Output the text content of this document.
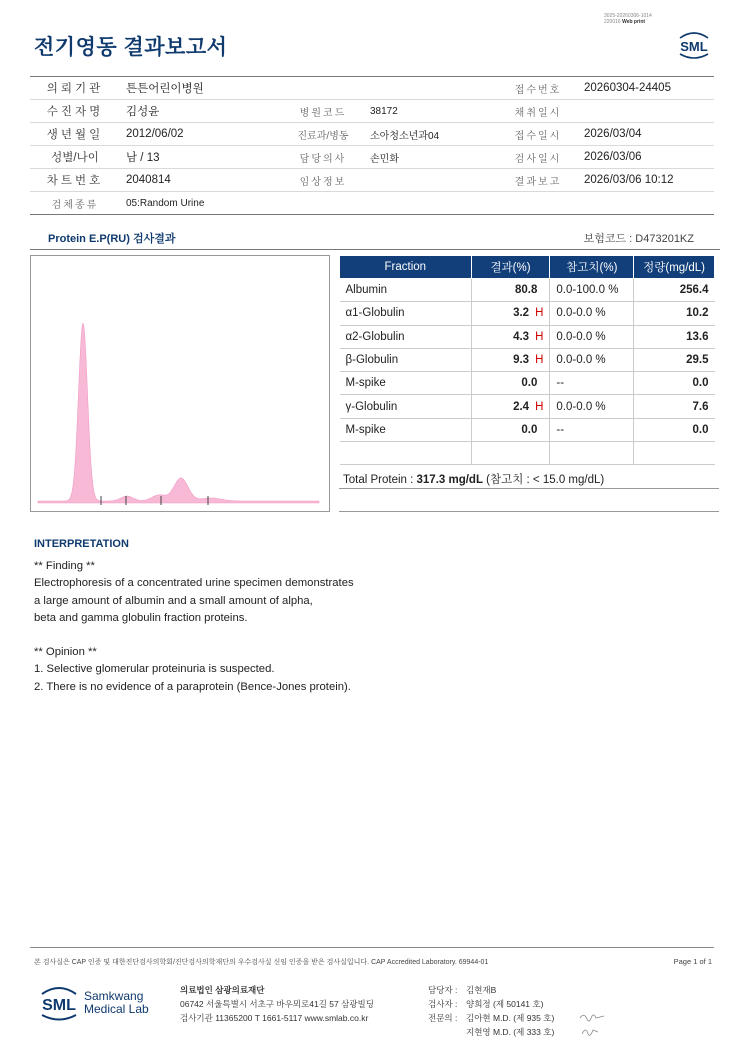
3025-20260306-1014
220016 Web print
전기영동 결과보고서	SML
의뢰기관	튼튼어린이병원			접수번호	20260304-24405
수진자명	김성윤	병원코드	38172	채취일시	
생년월일	2012/06/02	진료과/병동	소아청소년과04	접수일시	2026/03/04
성별/나이	남 / 13	담당의사	손민화	검사일시	2026/03/06
차트번호	2040814	임상정보		결과보고	2026/03/06 10:12
검체종류	05:Random Urine				
Protein E.P(RU) 검사결과	보험코드 : D473201KZ
Fraction	결과(%)	참고치(%)	정량(mg/dL)
Albumin	80.8	0.0-100.0 %	256.4
α1-Globulin	3.2 H	0.0-0.0 %	10.2
α2-Globulin	4.3 H	0.0-0.0 %	13.6
β-Globulin	9.3 H	0.0-0.0 %	29.5
M-spike	0.0	--	0.0
γ-Globulin	2.4 H	0.0-0.0 %	7.6
M-spike	0.0	--	0.0

Total Protein : 317.3 mg/dL (참고치 : < 15.0 mg/dL)
INTERPRETATION

** Finding **

Electrophoresis of a concentrated urine specimen demonstrates

a large amount of albumin and a small amount of alpha,

beta and gamma globulin fraction proteins.

** Opinion **

1. Selective glomerular proteinuria is suspected.

2. There is no evidence of a paraprotein (Bence-Jones protein).

본 검사실은 CAP 인증 및 대한진단검사의학회/진단검사의학재단의 우수검사실 신임 인증을 받은 검사실입니다. CAP Accredited Laboratory. 69944-01	Page 1 of 1
SML
Samkwang
Medical Lab
의료법인 삼광의료재단
06742 서울특별시 서초구 바우뫼로41길 57 삼광빌딩
검사기관 11365200 T 1661-5117 www.smlab.co.kr
담당자 : 김현재B
검사자 : 양희정 (제 50141 호)
전문의 : 김아현 M.D. (제 935 호)
지현영 M.D. (제 333 호)
